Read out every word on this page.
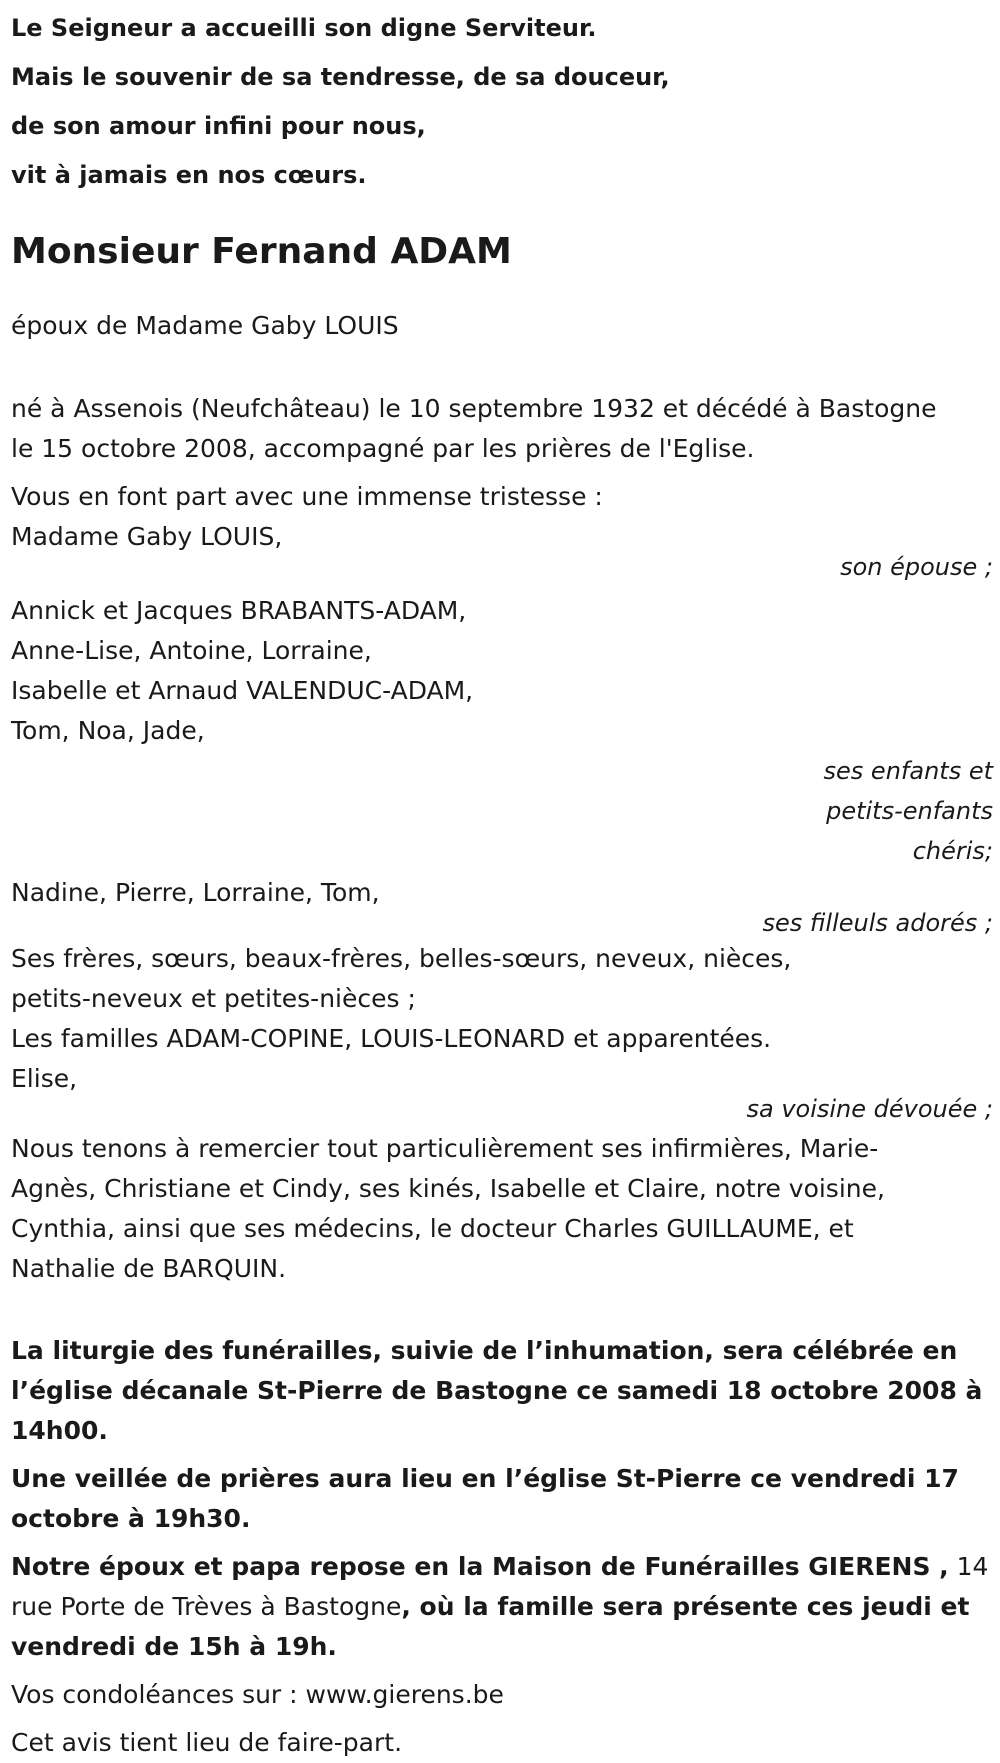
Le Seigneur a accueilli son digne Serviteur.

Mais le souvenir de sa tendresse, de sa douceur,

de son amour infini pour nous,

vit à jamais en nos cœurs.

Monsieur Fernand ADAM

époux de Madame Gaby LOUIS

né à Assenois (Neufchâteau) le 10 septembre 1932 et décédé à Bastogne

le 15 octobre 2008, accompagné par les prières de l'Eglise.

Vous en font part avec une immense tristesse :

Madame Gaby LOUIS,

son épouse ;

Annick et Jacques BRABANTS-ADAM,

Anne-Lise, Antoine, Lorraine,

Isabelle et Arnaud VALENDUC-ADAM,

Tom, Noa, Jade,

ses enfants et
petits-enfants
chéris;

Nadine, Pierre, Lorraine, Tom,

ses filleuls adorés ;

Ses frères, sœurs, beaux-frères, belles-sœurs, neveux, nièces,

petits-neveux et petites-nièces ;

Les familles ADAM-COPINE, LOUIS-LEONARD et apparentées.

Elise,

sa voisine dévouée ;

Nous tenons à remercier tout particulièrement ses infirmières, Marie-

Agnès, Christiane et Cindy, ses kinés, Isabelle et Claire, notre voisine,

Cynthia, ainsi que ses médecins, le docteur Charles GUILLAUME, et

Nathalie de BARQUIN.

La liturgie des funérailles, suivie de l’inhumation, sera célébrée en

l’église décanale St-Pierre de Bastogne ce samedi 18 octobre 2008 à

14h00.

Une veillée de prières aura lieu en l’église St-Pierre ce vendredi 17

octobre à 19h30.

Notre époux et papa repose en la Maison de Funérailles GIERENS , 14

rue Porte de Trèves à Bastogne, où la famille sera présente ces jeudi et

vendredi de 15h à 19h.

Vos condoléances sur : www.gierens.be

Cet avis tient lieu de faire-part.
